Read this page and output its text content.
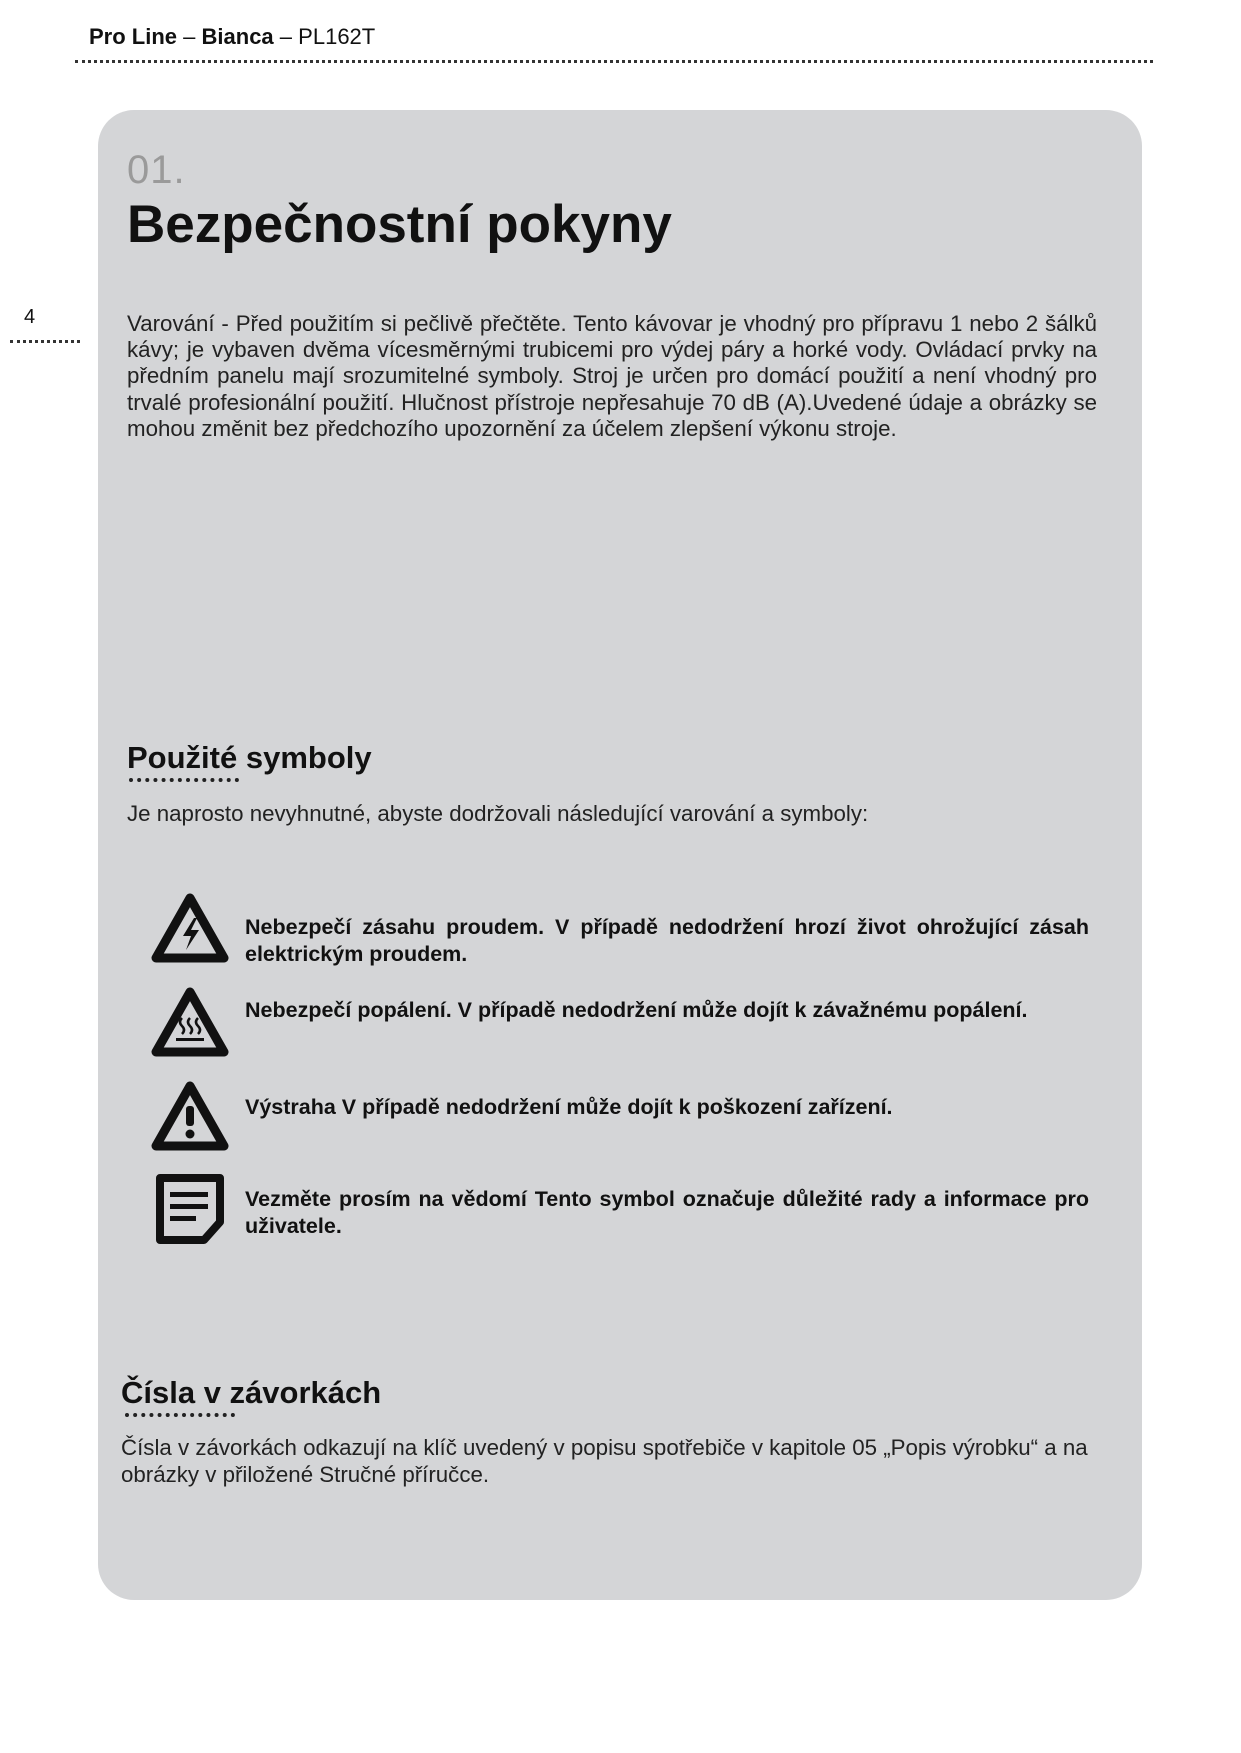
Pro Line – Bianca – PL162T
4
01.
Bezpečnostní pokyny

Varování - Před použitím si pečlivě přečtěte. Tento kávovar je vhodný pro přípravu 1 nebo 2 šálků kávy; je vybaven dvěma vícesměrnými trubicemi pro výdej páry a horké vody. Ovládací prvky na předním panelu mají srozumitelné symboly. Stroj je určen pro domácí použití a není vhodný pro trvalé profesionální použití. Hlučnost přístroje nepřesahuje 70 dB (A).Uvedené údaje a obrázky se mohou změnit bez předchozího upozornění za účelem zlepšení výkonu stroje.

Použité symboly

Je naprosto nevyhnutné, abyste dodržovali následující varování a symboly:

Nebezpečí zásahu proudem. V případě nedodržení hrozí život ohrožující zásah elektrickým proudem.

Nebezpečí popálení. V případě nedodržení může dojít k závažnému popálení.

Výstraha V případě nedodržení může dojít k poškození zařízení.

Vezměte prosím na vědomí Tento symbol označuje důležité rady a informace pro uživatele.

Čísla v závorkách

Čísla v závorkách odkazují na klíč uvedený v popisu spotřebiče v kapitole 05 „Popis výrobku“ a na obrázky v přiložené Stručné příručce.
